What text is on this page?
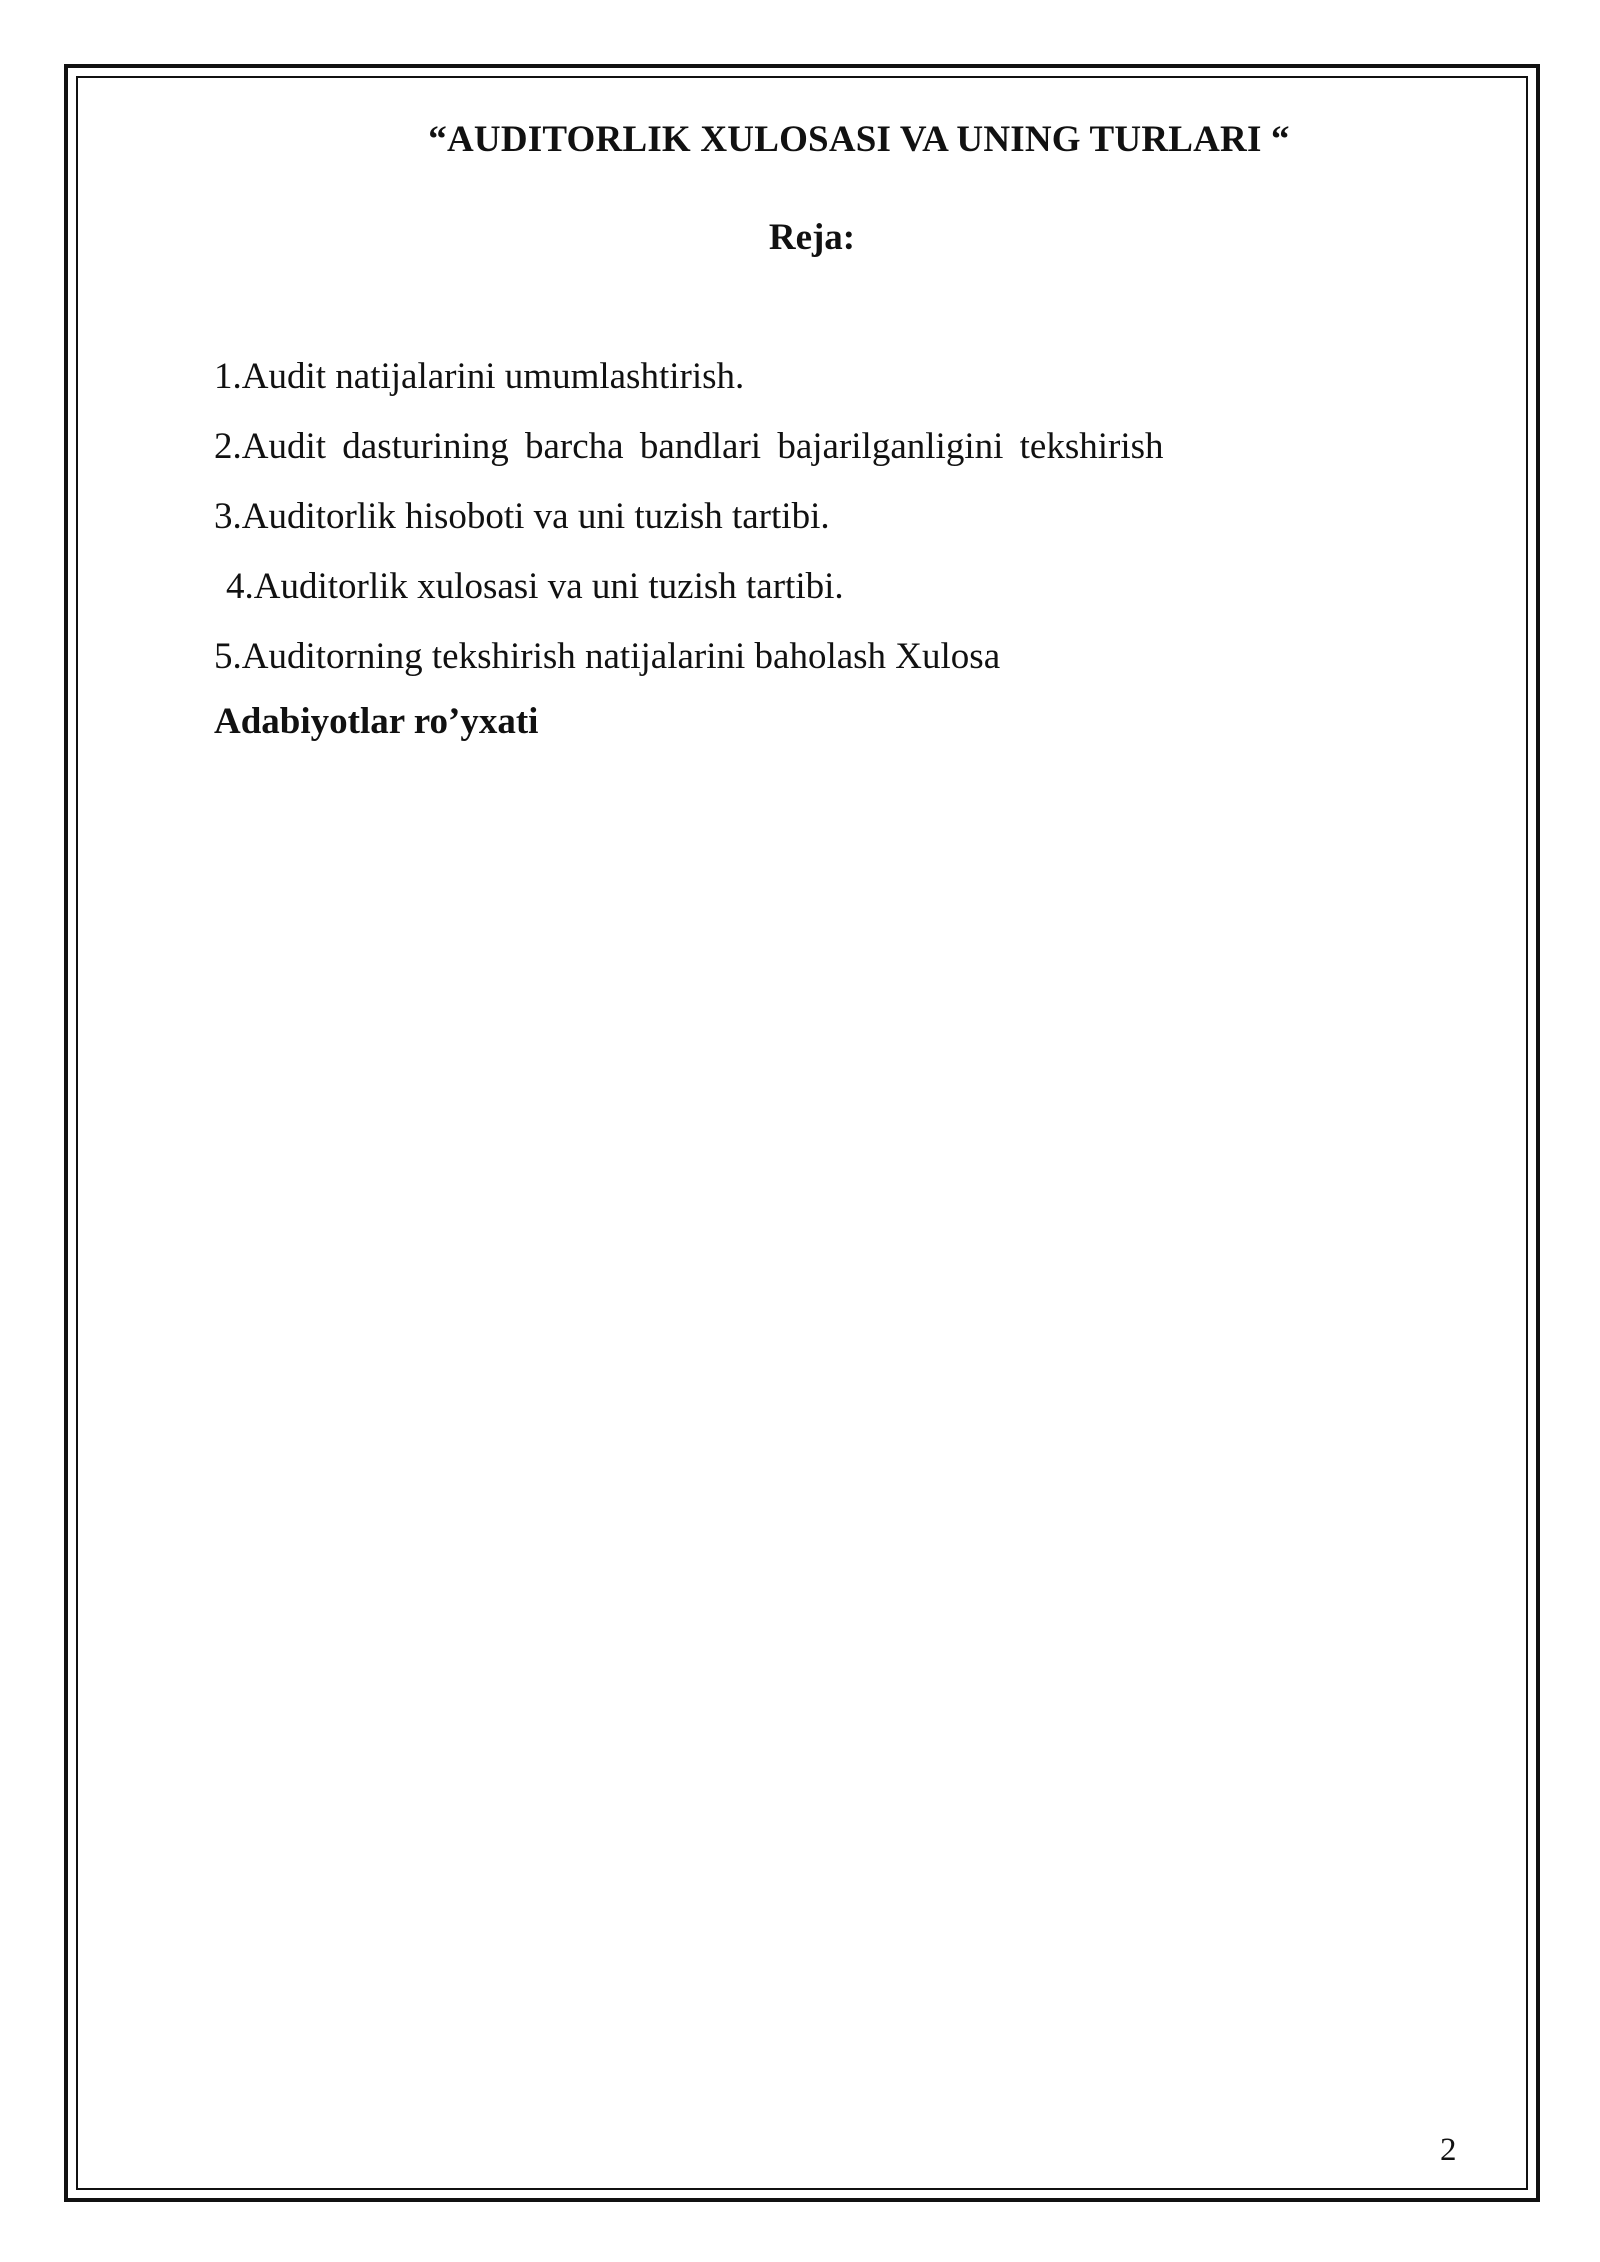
“AUDITORLIK XULOSASI VA UNING TURLARI “
Reja:
1.Audit natijalarini umumlashtirish.
2.Audit dasturining barcha bandlari bajarilganligini tekshirish
3.Auditorlik hisoboti va uni tuzish tartibi.
4.Auditorlik xulosasi va uni tuzish tartibi.
5.Auditorning tekshirish natijalarini baholash Xulosa
Adabiyotlar ro’yxati
2
